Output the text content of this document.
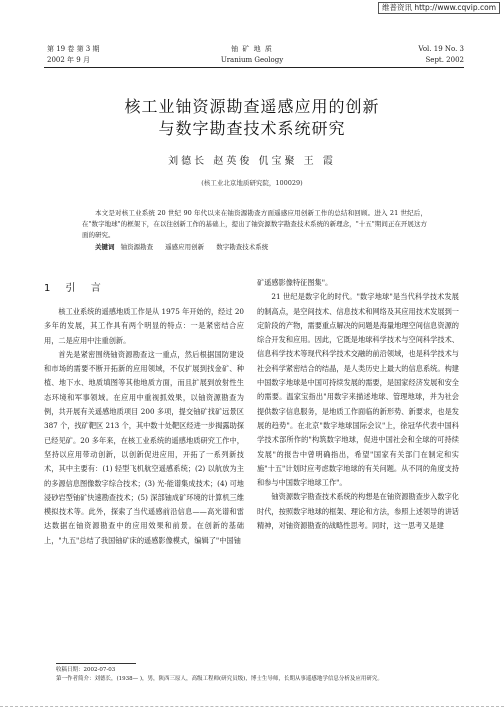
维普资讯 http://www.cqvip.com
第 19 卷 第 3 期
2002 年 9 月
铀 矿 地 质
Uranium Geology
Vol. 19 No. 3
Sept. 2002
核工业铀资源勘查遥感应用的创新
与数字勘查技术系统研究
刘德长 赵英俊 仉宝聚 王 霞
(核工业北京地质研究院，100029)
本文是对核工业系统 20 世纪 90 年代以来在铀资源勘查方面遥感应用创新工作的总结和回顾。进入 21 世纪后，在"数字地球"的框架下，在以往创新工作的基础上，提出了铀资源数字勘查技术系统的新理念，"十五"期间正在开展这方面的研究。
关键词 铀资源勘查 遥感应用创新 数字勘查技术系统
1 引 言

核工业系统的遥感地质工作是从 1975 年开始的，经过 20 多年的发展，其工作具有两个明显的特点：一是紧密结合应用，二是应用中注重创新。

首先是紧密围绕铀资源勘查这一重点，然后根据国防建设和市场的需要不断开拓新的应用领域，不仅扩展到找金矿、种植、地下水、地质填图等其他地质方面，而且扩展到放射性生态环境和军事领域。在应用中重视抓效果，以铀资源勘查为例，共开展有关遥感地质项目 200 多项，提交铀矿找矿远景区 387 个，找矿靶区 213 个，其中数十处靶区经进一步揭露助探已经见矿。20 多年来，在核工业系统的遥感地质研究工作中，坚持以应用带动创新，以创新促进应用，开拓了一系列新技术，其中主要有：(1) 轻型飞机航空遥感系统；(2) 以航放为主的多源信息图像数字综合技术；(3) 光-能谱集成技术；(4) 可地浸砂岩型铀矿快速勘查技术；(5) 深部铀成矿环境的计算机三维模拟技术等。此外，探索了当代遥感前沿信息——高光谱和雷达数据在铀资源勘查中的应用效果和前景。在创新的基础上，"九五"总结了我国铀矿床的遥感影像模式，编辑了"中国铀

矿遥感影像特征图集"。

21 世纪是数字化的时代。"数字地球"是当代科学技术发展的制高点，是空间技术、信息技术和网络及其应用技术发展到一定阶段的产物，需要重点解决的问题是海量地理空间信息资源的综合开发和应用。因此，它既是地球科学技术与空间科学技术、信息科学技术等现代科学技术交融的前沿领域，也是科学技术与社会科学紧密结合的结晶，是人类历史上最大的信息系统。构建中国数字地球是中国可持续发展的需要，是国家经济发展和安全的需要。温家宝指出"用数字来描述地球、管理地球，并为社会提供数字信息服务，是地质工作面临的新形势、新要求，也是发展的趋势"。在北京"数字地球国际会议"上，徐冠华代表中国科学技术部所作的"构筑数字地球，促进中国社会和全球的可持续发展"的报告中曾明确指出，希望"国家有关部门在制定和实施"十五"计划时应考虑数字地球的有关问题。从不同的角度支持和参与中国数字地球工作"。

铀资源数字勘查技术系统的构想是在铀资源勘查步入数字化时代，按照数字地球的框架、理论和方法，参照上述领导的讲话精神，对铀资源勘查的战略性思考。同时，这一思考又是建

收稿日期：2002-07-03
第一作者简介：刘德长，(1938— )，男，陕西三原人，高级工程师(研究员级)，博士生导师，长期从事遥感地学信息分析及应用研究。
